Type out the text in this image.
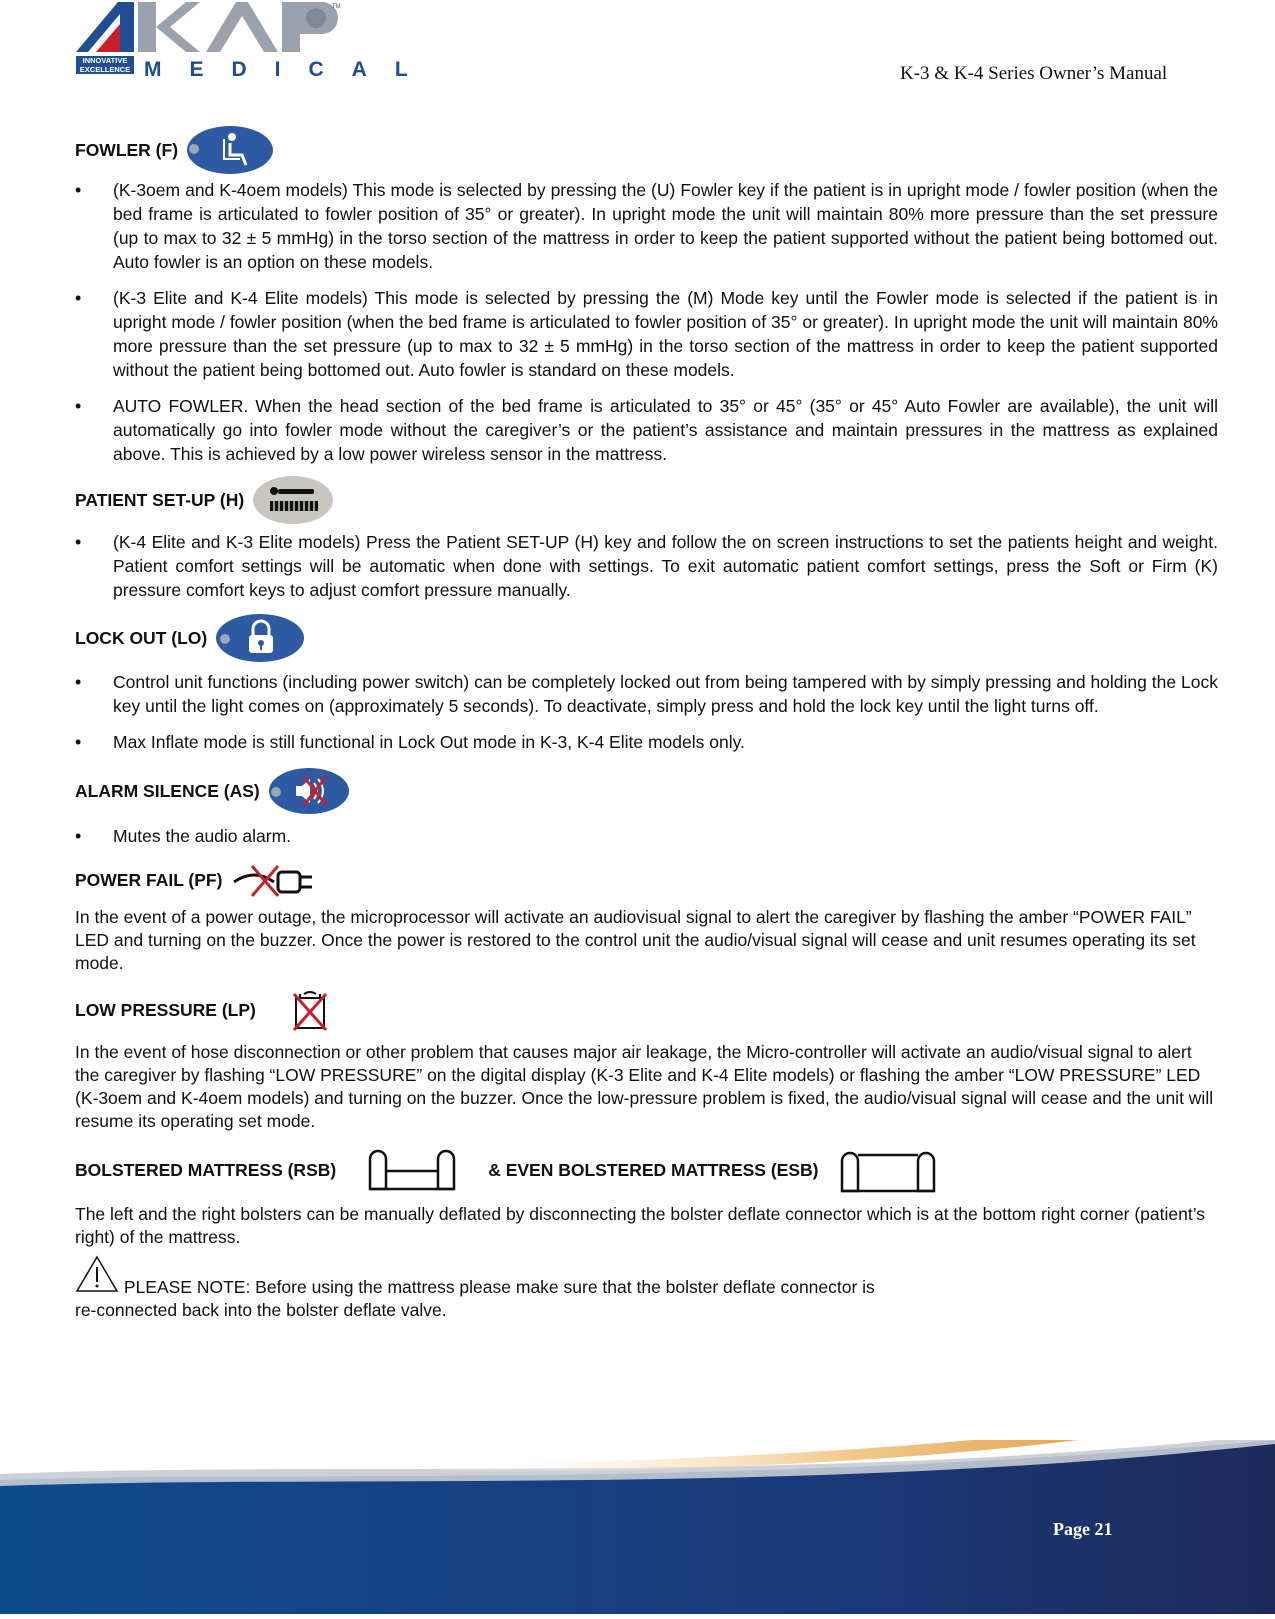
TM
INNOVATIVE
EXCELLENCE MEDICAL	K-3 & K-4 Series Owner’s Manual
FOWLER (F)
• (K-3oem and K-4oem models) This mode is selected by pressing the (U) Fowler key if the patient is in upright mode / fowler position (when the bed frame is articulated to fowler position of 35° or greater). In upright mode the unit will maintain 80% more pressure than the set pressure (up to max to 32 ± 5 mmHg) in the torso section of the mattress in order to keep the patient supported without the patient being bottomed out. Auto fowler is an option on these models.
• (K-3 Elite and K-4 Elite models) This mode is selected by pressing the (M) Mode key until the Fowler mode is selected if the patient is in upright mode / fowler position (when the bed frame is articulated to fowler position of 35° or greater). In upright mode the unit will maintain 80% more pressure than the set pressure (up to max to 32 ± 5 mmHg) in the torso section of the mattress in order to keep the patient supported without the patient being bottomed out. Auto fowler is standard on these models.
• AUTO FOWLER. When the head section of the bed frame is articulated to 35° or 45° (35° or 45° Auto Fowler are available), the unit will automatically go into fowler mode without the caregiver’s or the patient’s assistance and maintain pressures in the mattress as explained above. This is achieved by a low power wireless sensor in the mattress.
PATIENT SET-UP (H)
• (K-4 Elite and K-3 Elite models) Press the Patient SET-UP (H) key and follow the on screen instructions to set the patients height and weight. Patient comfort settings will be automatic when done with settings. To exit automatic patient comfort settings, press the Soft or Firm (K) pressure comfort keys to adjust comfort pressure manually.
LOCK OUT (LO)
• Control unit functions (including power switch) can be completely locked out from being tampered with by simply pressing and holding the Lock key until the light comes on (approximately 5 seconds). To deactivate, simply press and hold the lock key until the light turns off.
• Max Inflate mode is still functional in Lock Out mode in K-3, K-4 Elite models only.
ALARM SILENCE (AS)
• Mutes the audio alarm.
POWER FAIL (PF)

In the event of a power outage, the microprocessor will activate an audiovisual signal to alert the caregiver by flashing the amber “POWER FAIL” LED and turning on the buzzer. Once the power is restored to the control unit the audio/visual signal will cease and unit resumes operating its set mode.

LOW PRESSURE (LP)

In the event of hose disconnection or other problem that causes major air leakage, the Micro-controller will activate an audio/visual signal to alert the caregiver by flashing “LOW PRESSURE” on the digital display (K-3 Elite and K-4 Elite models) or flashing the amber “LOW PRESSURE” LED (K-3oem and K-4oem models) and turning on the buzzer. Once the low-pressure problem is fixed, the audio/visual signal will cease and the unit will resume its operating set mode.

BOLSTERED MATTRESS (RSB)	& EVEN BOLSTERED MATTRESS (ESB)

The left and the right bolsters can be manually deflated by disconnecting the bolster deflate connector which is at the bottom right corner (patient’s right) of the mattress.

PLEASE NOTE: Before using the mattress please make sure that the bolster deflate connector is
re-connected back into the bolster deflate valve.
Page 21
